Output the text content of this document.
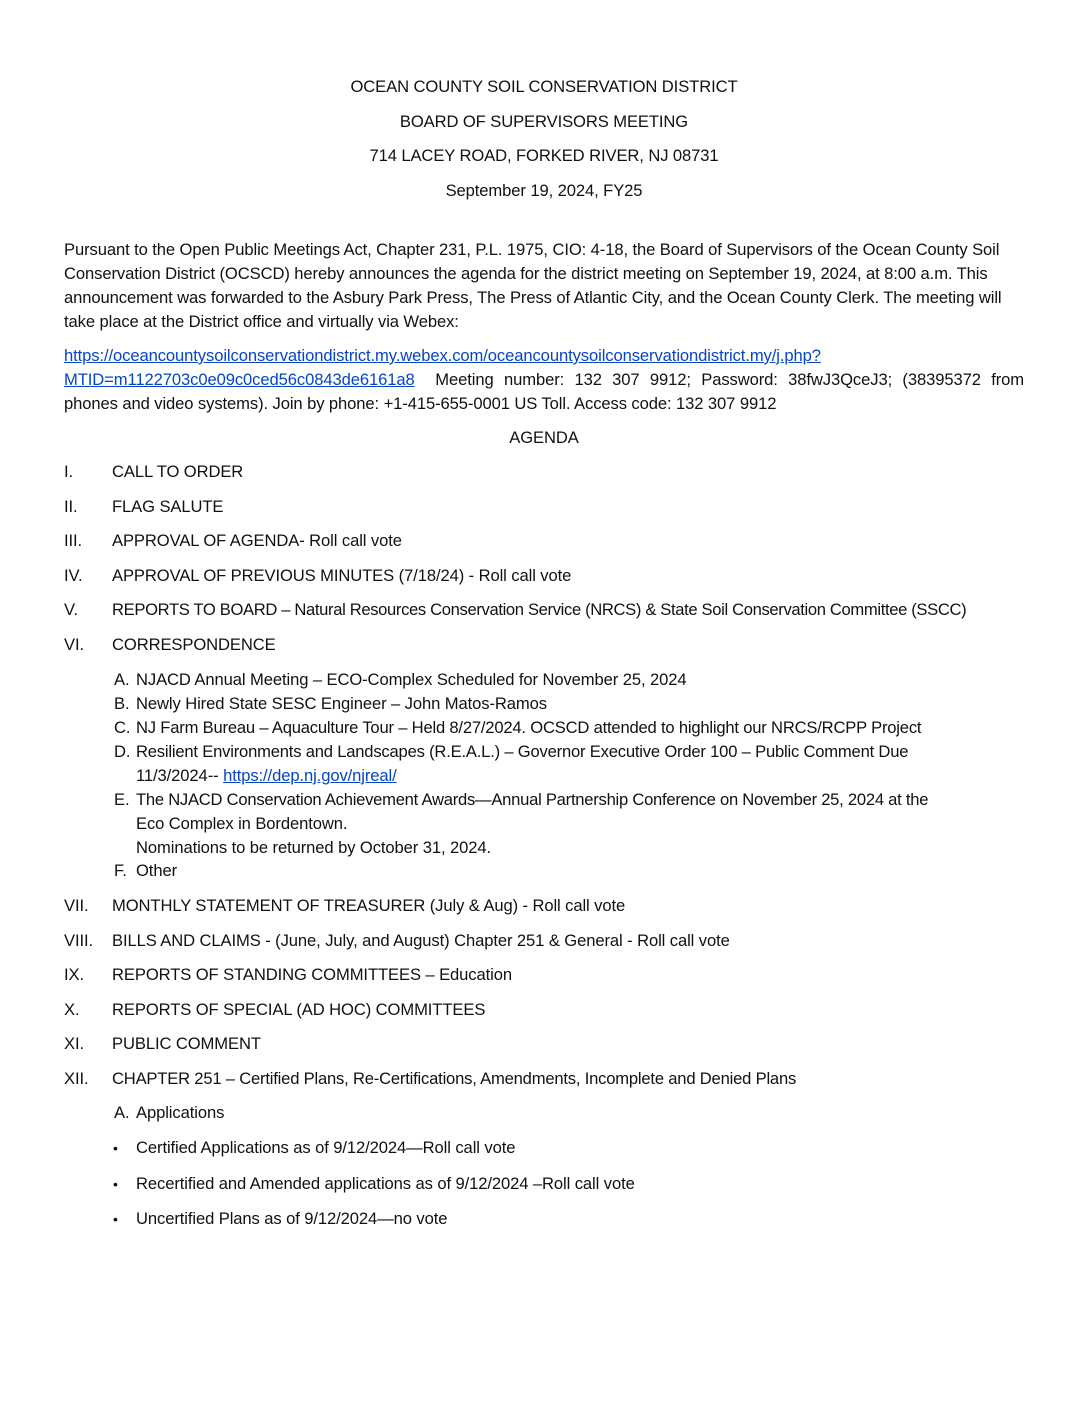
OCEAN COUNTY SOIL CONSERVATION DISTRICT
BOARD OF SUPERVISORS MEETING
714 LACEY ROAD, FORKED RIVER, NJ 08731
September 19, 2024, FY25
Pursuant to the Open Public Meetings Act, Chapter 231, P.L. 1975, CIO: 4-18, the Board of Supervisors of the Ocean County Soil Conservation District (OCSCD) hereby announces the agenda for the district meeting on September 19, 2024, at 8:00 a.m. This announcement was forwarded to the Asbury Park Press, The Press of Atlantic City, and the Ocean County Clerk. The meeting will take place at the District office and virtually via Webex:
https://oceancountysoilconservationdistrict.my.webex.com/oceancountysoilconservationdistrict.my/j.php?MTID=m1122703c0e09c0ced56c0843de6161a8 Meeting number: 132 307 9912; Password: 38fwJ3QceJ3; (38395372 from phones and video systems). Join by phone: +1-415-655-0001 US Toll. Access code: 132 307 9912
AGENDA
I. CALL TO ORDER
II. FLAG SALUTE
III. APPROVAL OF AGENDA- Roll call vote
IV. APPROVAL OF PREVIOUS MINUTES (7/18/24) - Roll call vote
V. REPORTS TO BOARD – Natural Resources Conservation Service (NRCS) & State Soil Conservation Committee (SSCC)
VI. CORRESPONDENCE
A. NJACD Annual Meeting – ECO-Complex Scheduled for November 25, 2024
B. Newly Hired State SESC Engineer – John Matos-Ramos
C. NJ Farm Bureau – Aquaculture Tour – Held 8/27/2024. OCSCD attended to highlight our NRCS/RCPP Project
D. Resilient Environments and Landscapes (R.E.A.L.) – Governor Executive Order 100 – Public Comment Due
11/3/2024-- https://dep.nj.gov/njreal/
E. The NJACD Conservation Achievement Awards—Annual Partnership Conference on November 25, 2024 at the
Eco Complex in Bordentown.
Nominations to be returned by October 31, 2024.
F. Other
VII. MONTHLY STATEMENT OF TREASURER (July & Aug) - Roll call vote
VIII. BILLS AND CLAIMS - (June, July, and August) Chapter 251 & General - Roll call vote
IX. REPORTS OF STANDING COMMITTEES – Education
X. REPORTS OF SPECIAL (AD HOC) COMMITTEES
XI. PUBLIC COMMENT
XII. CHAPTER 251 – Certified Plans, Re-Certifications, Amendments, Incomplete and Denied Plans
A. Applications
• Certified Applications as of 9/12/2024—Roll call vote
• Recertified and Amended applications as of 9/12/2024 –Roll call vote
• Uncertified Plans as of 9/12/2024—no vote
